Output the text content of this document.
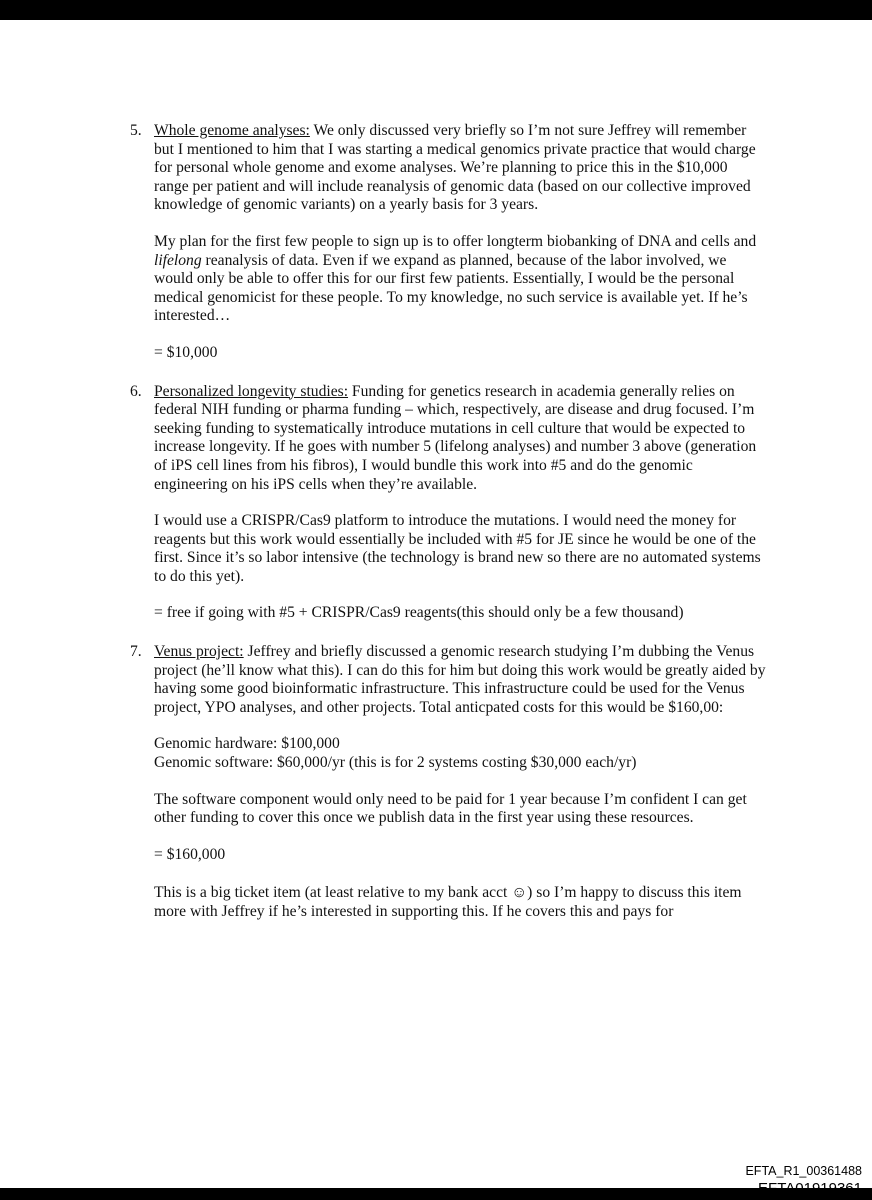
5. Whole genome analyses: We only discussed very briefly so I’m not sure Jeffrey will remember but I mentioned to him that I was starting a medical genomics private practice that would charge for personal whole genome and exome analyses. We’re planning to price this in the $10,000 range per patient and will include reanalysis of genomic data (based on our collective improved knowledge of genomic variants) on a yearly basis for 3 years.

My plan for the first few people to sign up is to offer longterm biobanking of DNA and cells and lifelong reanalysis of data. Even if we expand as planned, because of the labor involved, we would only be able to offer this for our first few patients. Essentially, I would be the personal medical genomicist for these people. To my knowledge, no such service is available yet. If he’s interested…

= $10,000

6. Personalized longevity studies: Funding for genetics research in academia generally relies on federal NIH funding or pharma funding – which, respectively, are disease and drug focused. I’m seeking funding to systematically introduce mutations in cell culture that would be expected to increase longevity. If he goes with number 5 (lifelong analyses) and number 3 above (generation of iPS cell lines from his fibros), I would bundle this work into #5 and do the genomic engineering on his iPS cells when they’re available.

I would use a CRISPR/Cas9 platform to introduce the mutations. I would need the money for reagents but this work would essentially be included with #5 for JE since he would be one of the first. Since it’s so labor intensive (the technology is brand new so there are no automated systems to do this yet).

= free if going with #5 + CRISPR/Cas9 reagents(this should only be a few thousand)

7. Venus project: Jeffrey and briefly discussed a genomic research studying I’m dubbing the Venus project (he’ll know what this). I can do this for him but doing this work would be greatly aided by having some good bioinformatic infrastructure. This infrastructure could be used for the Venus project, YPO analyses, and other projects. Total anticpated costs for this would be $160,00:

Genomic hardware: $100,000
Genomic software: $60,000/yr (this is for 2 systems costing $30,000 each/yr)

The software component would only need to be paid for 1 year because I’m confident I can get other funding to cover this once we publish data in the first year using these resources.

= $160,000

This is a big ticket item (at least relative to my bank acct ☺) so I’m happy to discuss this item more with Jeffrey if he’s interested in supporting this. If he covers this and pays for

EFTA_R1_00361488
EFTA01919361
